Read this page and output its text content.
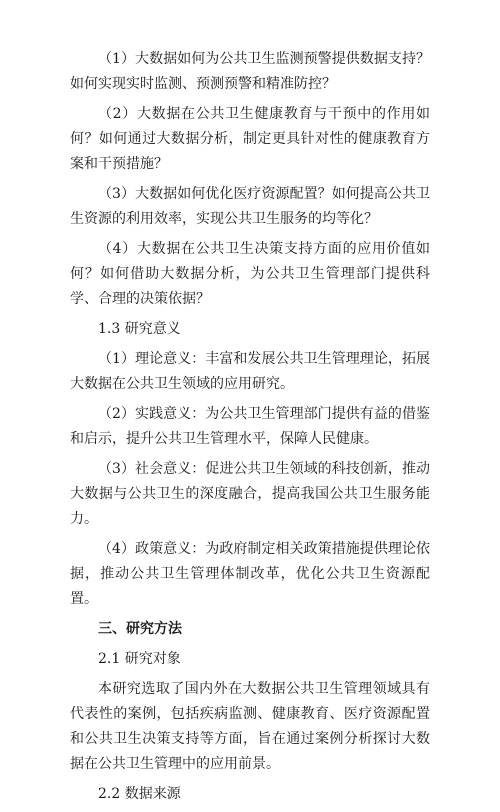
（1）大数据如何为公共卫生监测预警提供数据支持？如何实现实时监测、预测预警和精准防控？

（2）大数据在公共卫生健康教育与干预中的作用如何？如何通过大数据分析，制定更具针对性的健康教育方案和干预措施？

（3）大数据如何优化医疗资源配置？如何提高公共卫生资源的利用效率，实现公共卫生服务的均等化？

（4）大数据在公共卫生决策支持方面的应用价值如何？如何借助大数据分析，为公共卫生管理部门提供科学、合理的决策依据？

1.3 研究意义

（1）理论意义：丰富和发展公共卫生管理理论，拓展大数据在公共卫生领域的应用研究。

（2）实践意义：为公共卫生管理部门提供有益的借鉴和启示，提升公共卫生管理水平，保障人民健康。

（3）社会意义：促进公共卫生领域的科技创新，推动大数据与公共卫生的深度融合，提高我国公共卫生服务能力。

（4）政策意义：为政府制定相关政策措施提供理论依据，推动公共卫生管理体制改革，优化公共卫生资源配置。

三、研究方法

2.1 研究对象

本研究选取了国内外在大数据公共卫生管理领域具有代表性的案例，包括疾病监测、健康教育、医疗资源配置和公共卫生决策支持等方面，旨在通过案例分析探讨大数据在公共卫生管理中的应用前景。

2.2 数据来源
